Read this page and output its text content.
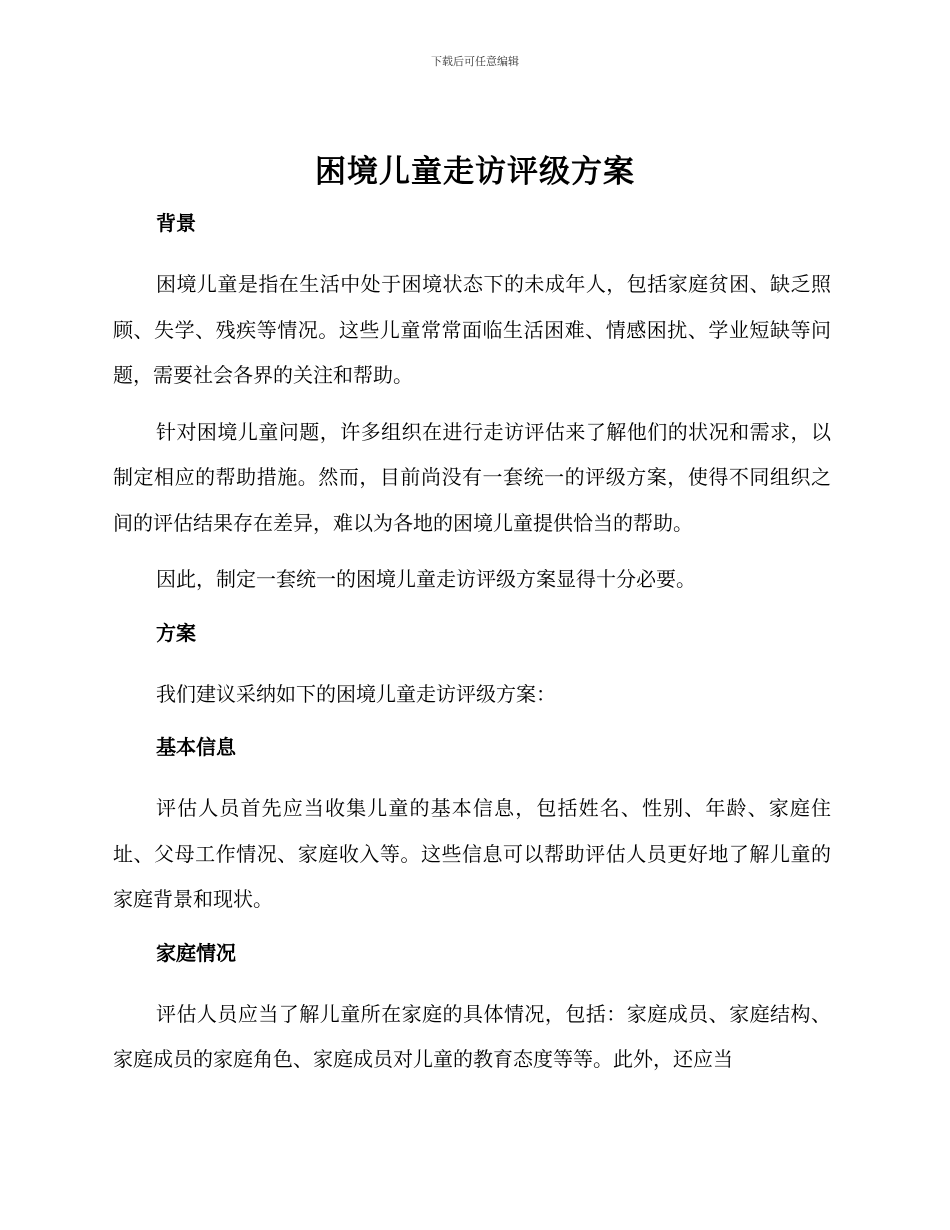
下载后可任意编辑
困境儿童走访评级方案

背景

困境儿童是指在生活中处于困境状态下的未成年人，包括家庭贫困、缺乏照顾、失学、残疾等情况。这些儿童常常面临生活困难、情感困扰、学业短缺等问题，需要社会各界的关注和帮助。

针对困境儿童问题，许多组织在进行走访评估来了解他们的状况和需求，以制定相应的帮助措施。然而，目前尚没有一套统一的评级方案，使得不同组织之间的评估结果存在差异，难以为各地的困境儿童提供恰当的帮助。

因此，制定一套统一的困境儿童走访评级方案显得十分必要。

方案

我们建议采纳如下的困境儿童走访评级方案：

基本信息

评估人员首先应当收集儿童的基本信息，包括姓名、性别、年龄、家庭住址、父母工作情况、家庭收入等。这些信息可以帮助评估人员更好地了解儿童的家庭背景和现状。

家庭情况

评估人员应当了解儿童所在家庭的具体情况，包括：家庭成员、家庭结构、家庭成员的家庭角色、家庭成员对儿童的教育态度等等。此外，还应当
